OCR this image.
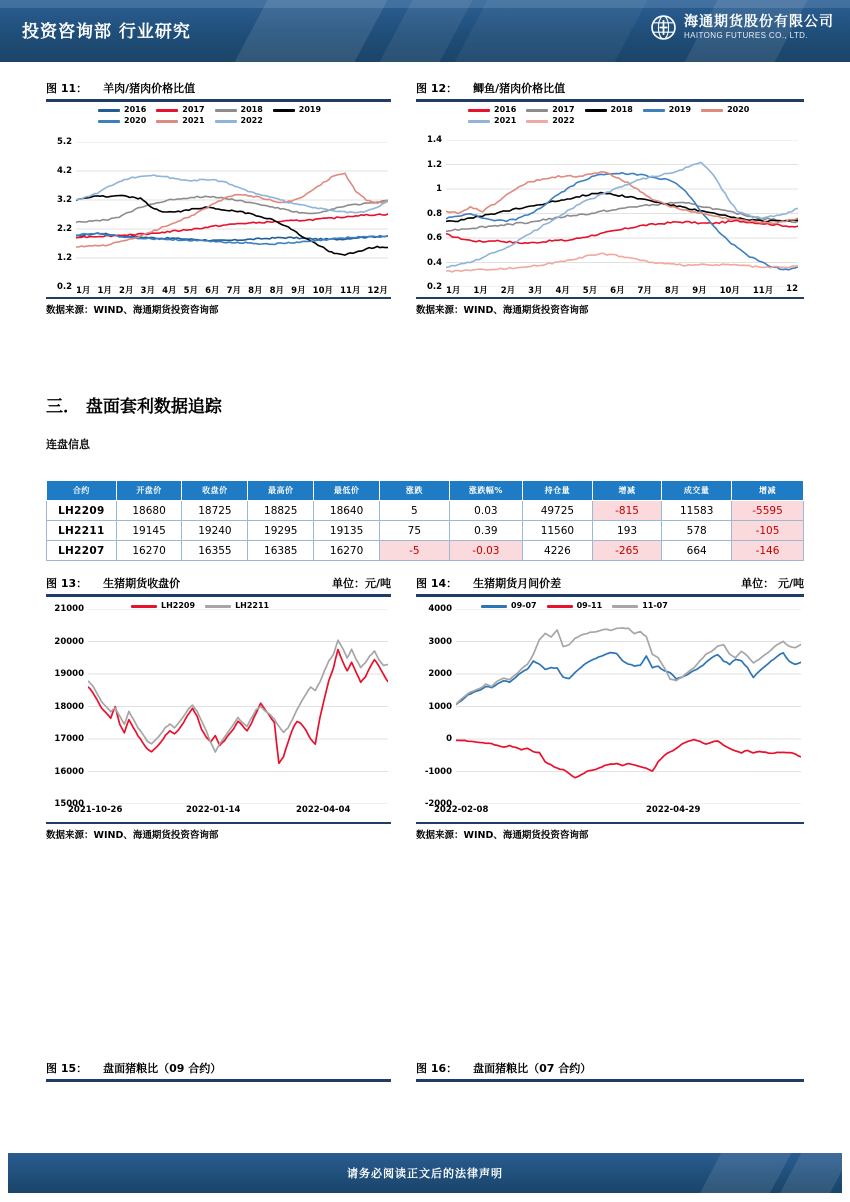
投资咨询部 行业研究
海通期货股份有限公司
HAITONG FUTURES CO., LTD.
图 11： 羊肉/猪肉价格比值
2016	2017	2018	2019
2020	2021	2022
5.2
4.2
3.2
2.2
1.2
0.2 1月 1月 2月 3月 4月 5月 6月 7月 8月 8月 9月 10月 11月 12月
数据来源：WIND、海通期货投资咨询部
图 12： 鲫鱼/猪肉价格比值
2016	2017	2018	2019	2020
2021	2022
1.4
1.2
1
0.8
0.6
0.4
0.2 1月 1月 2月 3月 4月 5月 6月 7月 8月 9月 10月 11月 12
数据来源：WIND、海通期货投资咨询部
三． 盘面套利数据追踪
连盘信息
合约	开盘价	收盘价	最高价	最低价	涨跌	涨跌幅%	持仓量	增减	成交量	增减
LH2209	18680	18725	18825	18640	5	0.03	49725	-815	11583	-5595
LH2211	19145	19240	19295	19135	75	0.39	11560	193	578	-105
LH2207	16270	16355	16385	16270	-5	-0.03	4226	-265	664	-146
图 13： 生猪期货收盘价	单位：元/吨
LH2209	LH2211
21000
20000
19000
18000
17000
16000
15000
2021-10-26	2022-01-14	2022-04-04
数据来源：WIND、海通期货投资咨询部
图 14： 生猪期货月间价差	单位： 元/吨
09-07	09-11	11-07
4000
3000
2000
1000
0
-1000
-2000
2022-02-08	2022-04-29
数据来源：WIND、海通期货投资咨询部
图 15： 盘面猪粮比（09 合约）	图 16： 盘面猪粮比（07 合约）
请务必阅读正文后的法律声明
